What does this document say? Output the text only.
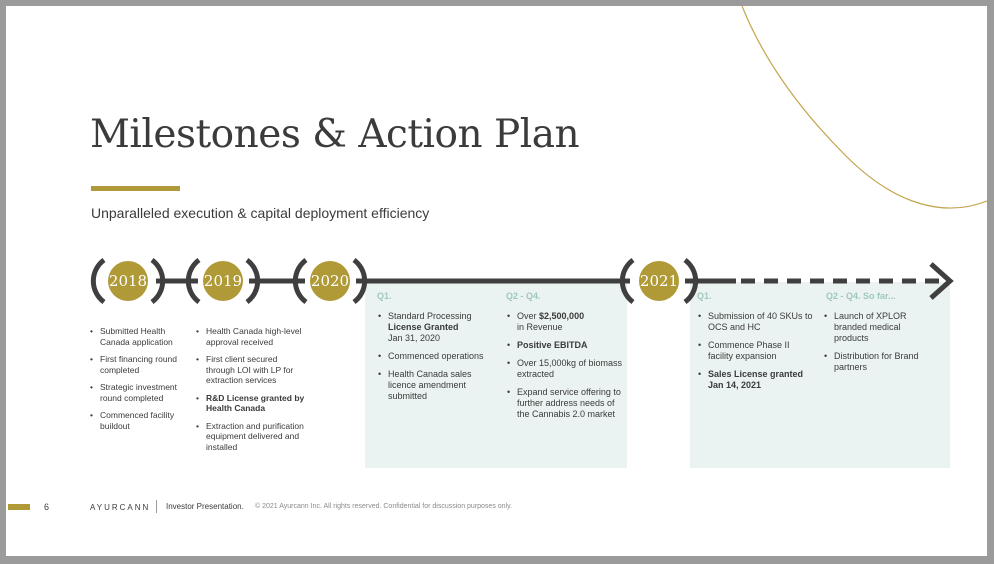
Milestones & Action Plan
Unparalleled execution & capital deployment efficiency
2018	2019	2020	2021
Q1.	Q2 - Q4.	Q1.	Q2 - Q4. So far...
• Submitted Health Canada application
• First financing round completed
• Strategic investment round completed
• Commenced facility buildout
• Health Canada high-level approval received
• First client secured through LOI with LP for extraction services
• R&D License granted by Health Canada
• Extraction and purification equipment delivered and installed
• Standard Processing
License Granted
Jan 31, 2020
• Commenced operations
• Health Canada sales licence amendment submitted
• Over $2,500,000
in Revenue
• Positive EBITDA
• Over 15,000kg of biomass extracted
• Expand service offering to further address needs of the Cannabis 2.0 market
• Submission of 40 SKUs to OCS and HC
• Commence Phase II facility expansion
• Sales License granted Jan 14, 2021
• Launch of XPLOR branded medical products
• Distribution for Brand partners
6	AYURCANN Investor Presentation. © 2021 Ayurcann Inc. All rights reserved. Confidential for discussion purposes only.
